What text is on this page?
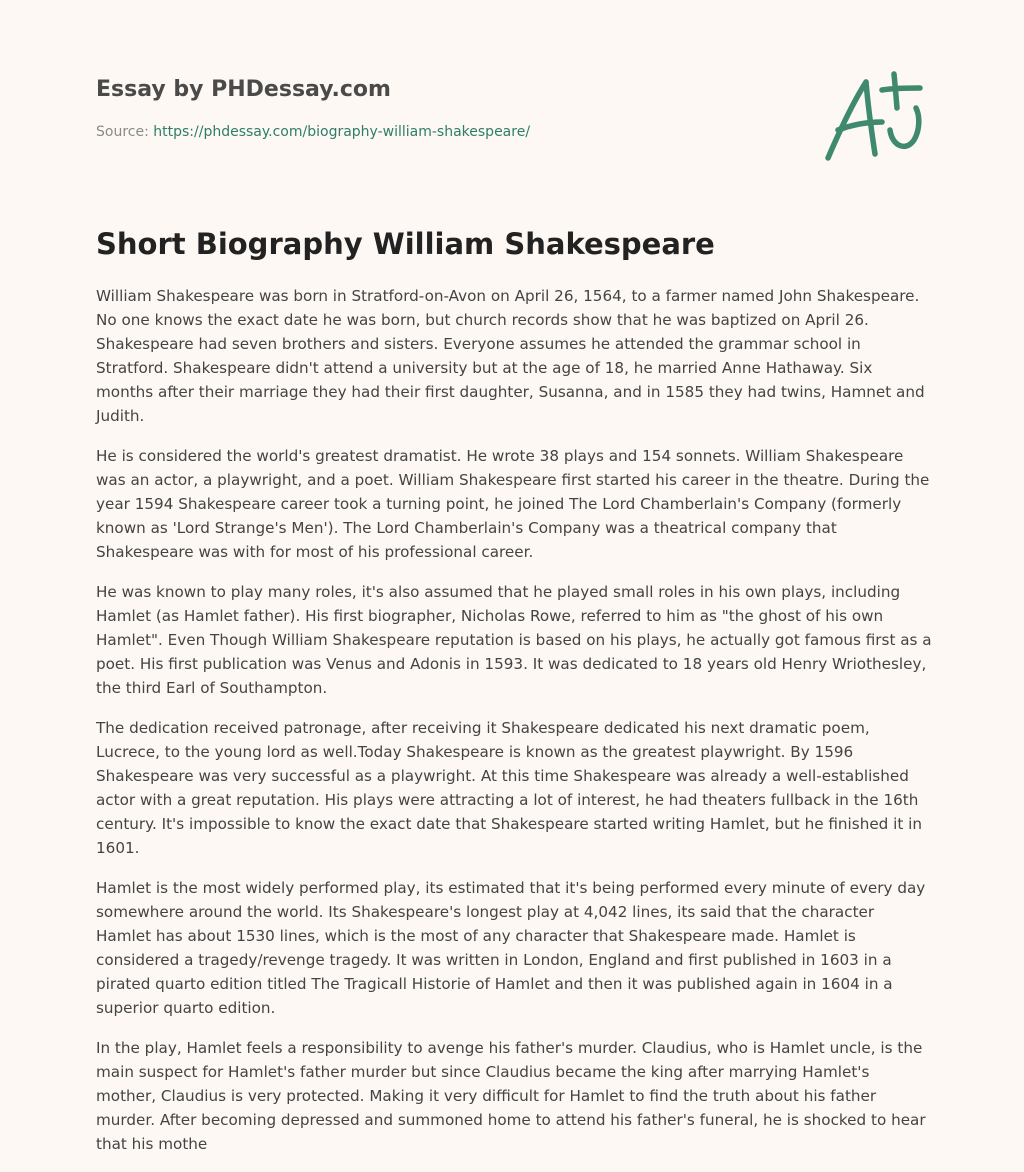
Essay by PHDessay.com

Source: https://phdessay.com/biography-william-shakespeare/
Short Biography William Shakespeare

William Shakespeare was born in Stratford-on-Avon on April 26, 1564, to a farmer named John Shakespeare. No one knows the exact date he was born, but church records show that he was baptized on April 26. Shakespeare had seven brothers and sisters. Everyone assumes he attended the grammar school in Stratford. Shakespeare didn't attend a university but at the age of 18, he married Anne Hathaway. Six months after their marriage they had their first daughter, Susanna, and in 1585 they had twins, Hamnet and Judith.

He is considered the world's greatest dramatist. He wrote 38 plays and 154 sonnets. William Shakespeare was an actor, a playwright, and a poet. William Shakespeare first started his career in the theatre. During the year 1594 Shakespeare career took a turning point, he joined The Lord Chamberlain's Company (formerly known as 'Lord Strange's Men'). The Lord Chamberlain's Company was a theatrical company that Shakespeare was with for most of his professional career.

He was known to play many roles, it's also assumed that he played small roles in his own plays, including Hamlet (as Hamlet father). His first biographer, Nicholas Rowe, referred to him as "the ghost of his own Hamlet". Even Though William Shakespeare reputation is based on his plays, he actually got famous first as a poet. His first publication was Venus and Adonis in 1593. It was dedicated to 18 years old Henry Wriothesley, the third Earl of Southampton.

The dedication received patronage, after receiving it Shakespeare dedicated his next dramatic poem, Lucrece, to the young lord as well.Today Shakespeare is known as the greatest playwright. By 1596 Shakespeare was very successful as a playwright. At this time Shakespeare was already a well-established actor with a great reputation. His plays were attracting a lot of interest, he had theaters fullback in the 16th century. It's impossible to know the exact date that Shakespeare started writing Hamlet, but he finished it in 1601.

Hamlet is the most widely performed play, its estimated that it's being performed every minute of every day somewhere around the world. Its Shakespeare's longest play at 4,042 lines, its said that the character Hamlet has about 1530 lines, which is the most of any character that Shakespeare made. Hamlet is considered a tragedy/revenge tragedy. It was written in London, England and first published in 1603 in a pirated quarto edition titled The Tragicall Historie of Hamlet and then it was published again in 1604 in a superior quarto edition.

In the play, Hamlet feels a responsibility to avenge his father's murder. Claudius, who is Hamlet uncle, is the main suspect for Hamlet's father murder but since Claudius became the king after marrying Hamlet's mother, Claudius is very protected. Making it very difficult for Hamlet to find the truth about his father murder. After becoming depressed and summoned home to attend his father's funeral, he is shocked to hear that his mothe
